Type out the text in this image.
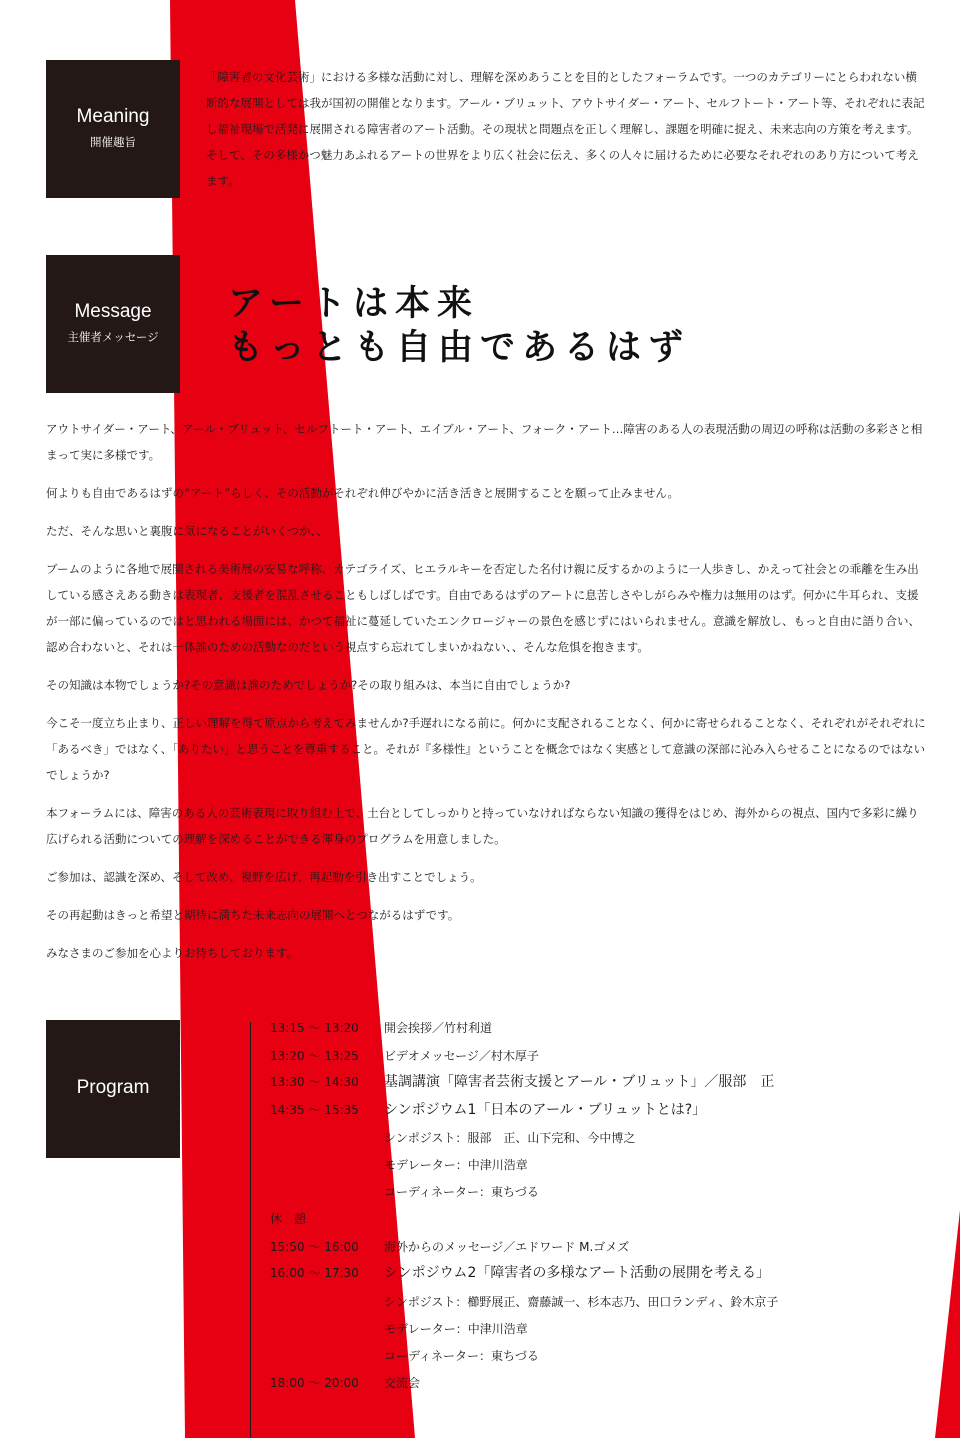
Meaning
開催趣旨

「障害者の文化芸術」における多様な活動に対し、理解を深めあうことを目的としたフォーラムです。一つのカテゴリーにとらわれない横断的な展開としては我が国初の開催となります。アール・ブリュット、アウトサイダー・アート、セルフトート・アート等、それぞれに表記し福祉現場で活発に展開される障害者のアート活動。その現状と問題点を正しく理解し、課題を明確に捉え、未来志向の方策を考えます。そして、その多様かつ魅力あふれるアートの世界をより広く社会に伝え、多くの人々に届けるために必要なそれぞれのあり方について考えます。

Message
主催者メッセージ
アートは本来
もっとも自由であるはず

アウトサイダー・アート、アール・ブリュット、セルフトート・アート、エイブル・アート、フォーク・アート…障害のある人の表現活動の周辺の呼称は活動の多彩さと相まって実に多様です。

何よりも自由であるはずの“アート”らしく、その活動がそれぞれ伸びやかに活き活きと展開することを願って止みません。

ただ、そんな思いと裏腹に気になることがいくつか、、

ブームのように各地で展開される美術展の安易な呼称、カテゴライズ、ヒエラルキーを否定した名付け親に反するかのように一人歩きし、かえって社会との乖離を生み出している感さえある動きは表現者、支援者を混乱させることもしばしばです。自由であるはずのアートに息苦しさやしがらみや権力は無用のはず。何かに牛耳られ、支援が一部に偏っているのではと思われる場面には、かつて福祉に蔓延していたエンクロージャーの景色を感じずにはいられません。意識を解放し、もっと自由に語り合い、認め合わないと、それは一体誰のための活動なのだという視点すら忘れてしまいかねない、、そんな危惧を抱きます。

その知識は本物でしょうか?その意識は誰のためでしょうか?その取り組みは、本当に自由でしょうか?

今こそ一度立ち止まり、正しい理解を得て原点から考えてみませんか?手遅れになる前に。何かに支配されることなく、何かに寄せられることなく、それぞれがそれぞれに「あるべき」ではなく、「ありたい」と思うことを尊重すること。それが『多様性』ということを概念ではなく実感として意識の深部に沁み入らせることになるのではないでしょうか?

本フォーラムには、障害のある人の芸術表現に取り組む上で、土台としてしっかりと持っていなければならない知識の獲得をはじめ、海外からの視点、国内で多彩に繰り広げられる活動についての理解を深めることができる渾身のプログラムを用意しました。

ご参加は、認識を深め、そして改め、視野を広げ、再起動を引き出すことでしょう。

その再起動はきっと希望と期待に満ちた未来志向の展開へとつながるはずです。

みなさまのご参加を心よりお待ちしております。

Program
13:15 ～ 13:20 開会挨拶／竹村利道
13:20 ～ 13:25 ビデオメッセージ／村木厚子
13:30 ～ 14:30 基調講演「障害者芸術支援とアール・ブリュット」／服部　正
14:35 ～ 15:35 シンポジウム1「日本のアール・ブリュットとは?」
シンポジスト：服部　正、山下完和、今中博之
モデレーター：中津川浩章
コーディネーター：東ちづる
休　憩
15:50 ～ 16:00 海外からのメッセージ／エドワード M.ゴメズ
16:00 ～ 17:30 シンポジウム2「障害者の多様なアート活動の展開を考える」
シンポジスト：櫛野展正、齋藤誠一、杉本志乃、田口ランディ、鈴木京子
モデレーター：中津川浩章
コーディネーター：東ちづる
18:00 ～ 20:00 交流会
